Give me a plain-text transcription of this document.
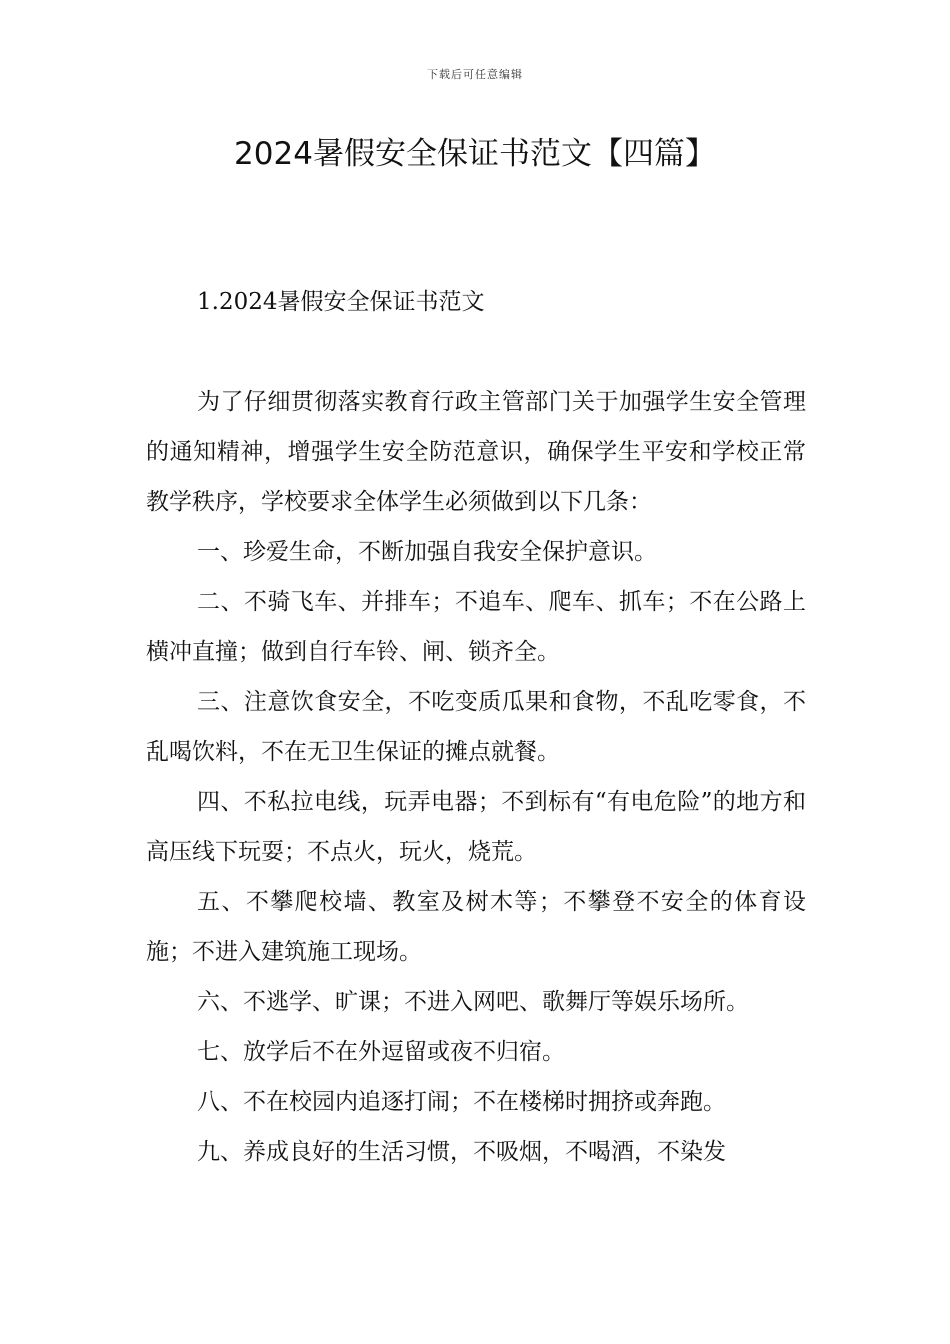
下载后可任意编辑
2024暑假安全保证书范文【四篇】
1.2024暑假安全保证书范文

为了仔细贯彻落实教育行政主管部门关于加强学生安全管理的通知精神，增强学生安全防范意识，确保学生平安和学校正常教学秩序，学校要求全体学生必须做到以下几条：

一、珍爱生命，不断加强自我安全保护意识。

二、不骑飞车、并排车；不追车、爬车、抓车；不在公路上横冲直撞；做到自行车铃、闸、锁齐全。

三、注意饮食安全，不吃变质瓜果和食物，不乱吃零食，不乱喝饮料，不在无卫生保证的摊点就餐。

四、不私拉电线，玩弄电器；不到标有“有电危险”的地方和高压线下玩耍；不点火，玩火，烧荒。

五、不攀爬校墙、教室及树木等；不攀登不安全的体育设施；不进入建筑施工现场。

六、不逃学、旷课；不进入网吧、歌舞厅等娱乐场所。

七、放学后不在外逗留或夜不归宿。

八、不在校园内追逐打闹；不在楼梯时拥挤或奔跑。

九、养成良好的生活习惯，不吸烟，不喝酒，不染发
